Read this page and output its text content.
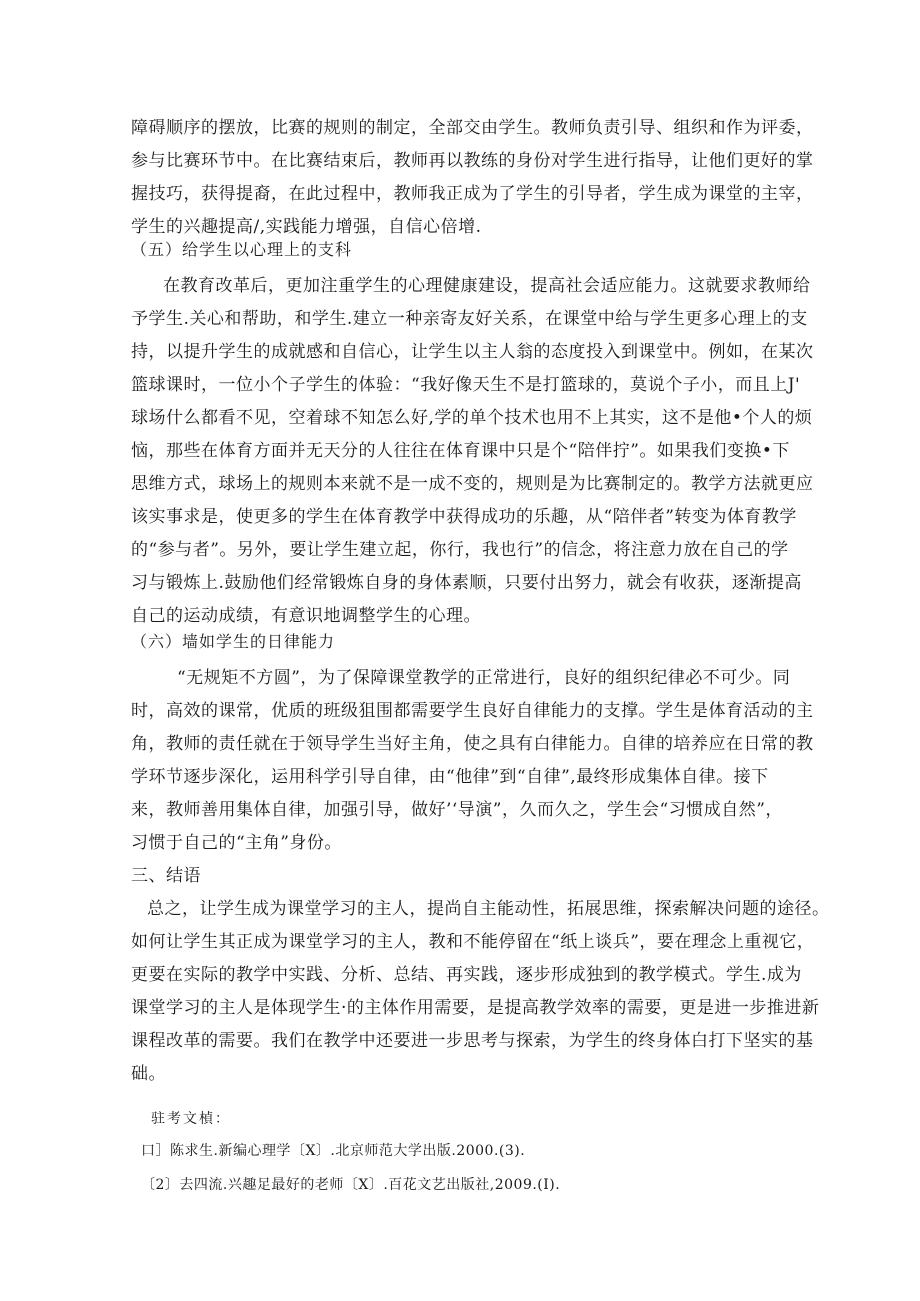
障碍顺序的摆放，比赛的规则的制定，全部交由学生。教师负责引导、组织和作为评委，
参与比赛环节中。在比赛结束后，教师再以教练的身份对学生进行指导，让他们更好的掌
握技巧，获得提裔，在此过程中，教师我正成为了学生的引导者，学生成为课堂的主宰，
学生的兴趣提高/,实践能力增强，自信心倍增.
（五）给学生以心理上的支科
在教育改革后，更加注重学生的心理健康建设，提高社会适应能力。这就要求教师给
予学生.关心和帮助，和学生.建立一种亲寄友好关系，在课堂中给与学生更多心理上的支
持，以提升学生的成就感和自信心，让学生以主人翁的态度投入到课堂中。例如，在某次
篮球课时，一位小个子学生的体验：“我好像天生不是打篮球的，莫说个子小，而且上J'
球场什么都看不见，空着球不知怎么好,学的单个技术也用不上其实，这不是他•个人的烦
恼，那些在体育方面并无天分的人往往在体育课中只是个“陪伴拧”。如果我们变换•下
思维方式，球场上的规则本来就不是一成不变的，规则是为比赛制定的。教学方法就更应
该实事求是，使更多的学生在体育教学中获得成功的乐趣，从“陪伴者”转变为体育教学
的“参与者”。另外，要让学生建立起，你行，我也行”的信念，将注意力放在自己的学
习与锻炼上.鼓励他们经常锻炼自身的身体素顺，只要付出努力，就会有收获，逐渐提高
自己的运动成绩，有意识地调整学生的心理。
（六）墙如学生的日律能力
“无规矩不方圆”，为了保障课堂教学的正常进行，良好的组织纪律必不可少。同
时，高效的课常，优质的班级狙围都需要学生良好自律能力的支撑。学生是体育活动的主
角，教师的责任就在于领导学生当好主角，使之具有白律能力。自律的培养应在日常的教
学环节逐步深化，运用科学引导自律，由“他律”到“自律”,最终形成集体自律。接下
来，教师善用集体自律，加强引导，做好’‘导演”，久而久之，学生会“习惯成自然”，
习惯于自己的“主角”身份。
三、结语
总之，让学生成为课堂学习的主人，提尚自主能动性，拓展思维，探索解决问题的途径。
如何让学生其正成为课堂学习的主人，教和不能停留在“纸上谈兵”，要在理念上重视它，
更要在实际的教学中实践、分析、总结、再实践，逐步形成独到的教学模式。学生.成为
课堂学习的主人是体现学生·的主体作用需要，是提高教学效率的需要，更是进一步推进新
课程改革的需要。我们在教学中还要进一步思考与探索，为学生的终身体白打下坚实的基
础。
驻考文楨：
口］陈求生.新编心理学〔X〕.北京师范大学出版.2000.(3).
〔2〕去四流.兴趣足最好的老师〔X〕.百花文艺出版社,2009.(I).
